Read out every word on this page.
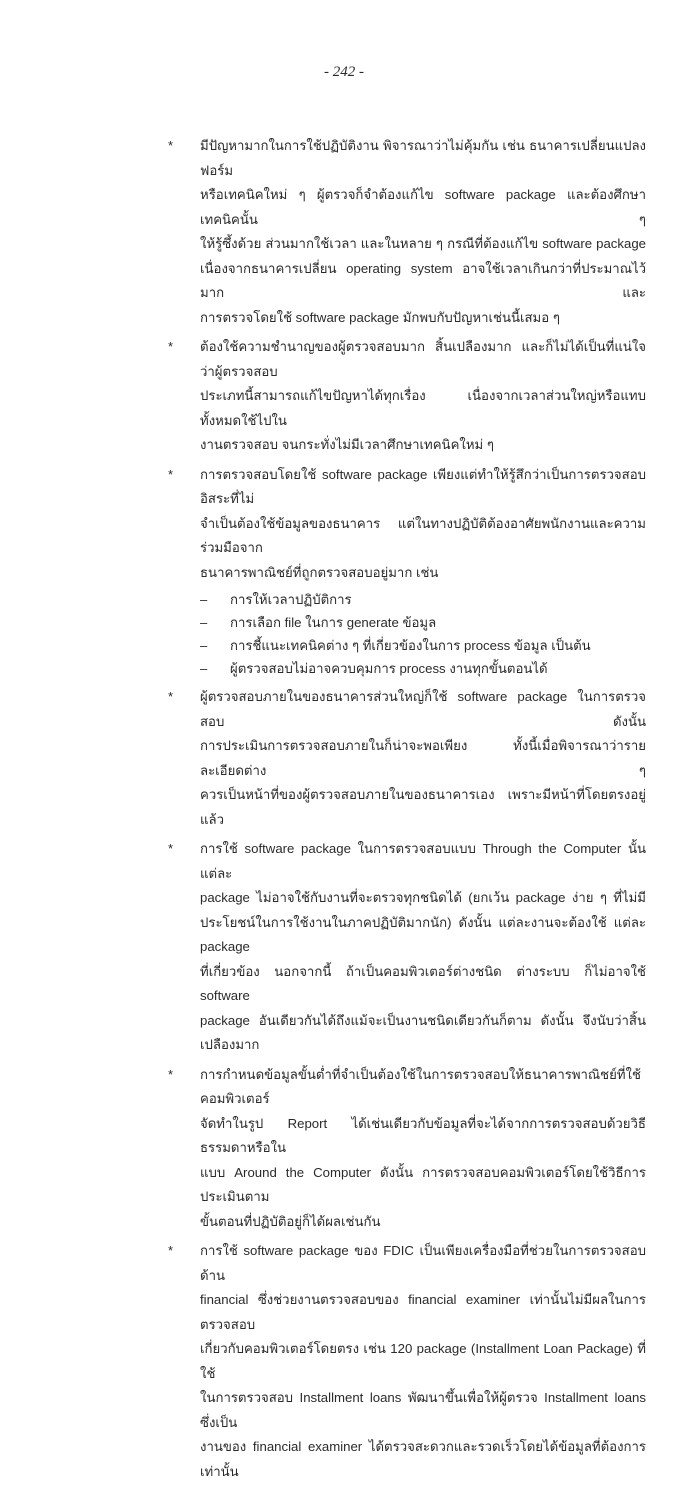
- 242 -
* มีปัญหามากในการใช้ปฏิบัติงาน พิจารณาว่าไม่คุ้มกัน เช่น ธนาคารเปลี่ยนแปลงฟอร์ม
หรือเทคนิคใหม่ ๆ ผู้ตรวจก็จำต้องแก้ไข software package และต้องศึกษาเทคนิคนั้น ๆ
ให้รู้ซึ้งด้วย ส่วนมากใช้เวลา และในหลาย ๆ กรณีที่ต้องแก้ไข software package
เนื่องจากธนาคารเปลี่ยน operating system อาจใช้เวลาเกินกว่าที่ประมาณไว้มาก และ
การตรวจโดยใช้ software package มักพบกับปัญหาเช่นนี้เสมอ ๆ
* ต้องใช้ความชำนาญของผู้ตรวจสอบมาก สิ้นเปลืองมาก และก็ไม่ได้เป็นที่แน่ใจว่าผู้ตรวจสอบ
ประเภทนี้สามารถแก้ไขปัญหาได้ทุกเรื่อง เนื่องจากเวลาส่วนใหญ่หรือแทบทั้งหมดใช้ไปใน
งานตรวจสอบ จนกระทั่งไม่มีเวลาศึกษาเทคนิคใหม่ ๆ
* การตรวจสอบโดยใช้ software package เพียงแต่ทำให้รู้สึกว่าเป็นการตรวจสอบอิสระที่ไม่
จำเป็นต้องใช้ข้อมูลของธนาคาร แต่ในทางปฏิบัติต้องอาศัยพนักงานและความร่วมมือจาก
ธนาคารพาณิชย์ที่ถูกตรวจสอบอยู่มาก เช่น
– การให้เวลาปฏิบัติการ
– การเลือก file ในการ generate ข้อมูล
– การชี้แนะเทคนิคต่าง ๆ ที่เกี่ยวข้องในการ process ข้อมูล เป็นต้น
– ผู้ตรวจสอบไม่อาจควบคุมการ process งานทุกขั้นตอนได้
* ผู้ตรวจสอบภายในของธนาคารส่วนใหญ่ก็ใช้ software package ในการตรวจสอบ ดังนั้น
การประเมินการตรวจสอบภายในก็น่าจะพอเพียง ทั้งนี้เมื่อพิจารณาว่ารายละเอียดต่าง ๆ
ควรเป็นหน้าที่ของผู้ตรวจสอบภายในของธนาคารเอง เพราะมีหน้าที่โดยตรงอยู่แล้ว
* การใช้ software package ในการตรวจสอบแบบ Through the Computer นั้น แต่ละ
package ไม่อาจใช้กับงานที่จะตรวจทุกชนิดได้ (ยกเว้น package ง่าย ๆ ที่ไม่มี
ประโยชน์ในการใช้งานในภาคปฏิบัติมากนัก) ดังนั้น แต่ละงานจะต้องใช้ แต่ละ package
ที่เกี่ยวข้อง นอกจากนี้ ถ้าเป็นคอมพิวเตอร์ต่างชนิด ต่างระบบ ก็ไม่อาจใช้ software
package อันเดียวกันได้ถึงแม้จะเป็นงานชนิดเดียวกันก็ตาม ดังนั้น จึงนับว่าสิ้นเปลืองมาก
* การกำหนดข้อมูลขั้นต่ำที่จำเป็นต้องใช้ในการตรวจสอบให้ธนาคารพาณิชย์ที่ใช้คอมพิวเตอร์
จัดทำในรูป Report ได้เช่นเดียวกับข้อมูลที่จะได้จากการตรวจสอบด้วยวิธีธรรมดาหรือใน
แบบ Around the Computer ดังนั้น การตรวจสอบคอมพิวเตอร์โดยใช้วิธีการประเมินตาม
ขั้นตอนที่ปฏิบัติอยู่ก็ได้ผลเช่นกัน
* การใช้ software package ของ FDIC เป็นเพียงเครื่องมือที่ช่วยในการตรวจสอบด้าน
financial ซึ่งช่วยงานตรวจสอบของ financial examiner เท่านั้นไม่มีผลในการตรวจสอบ
เกี่ยวกับคอมพิวเตอร์โดยตรง เช่น 120 package (Installment Loan Package) ที่ใช้
ในการตรวจสอบ Installment loans พัฒนาขึ้นเพื่อให้ผู้ตรวจ Installment loans ซึ่งเป็น
งานของ financial examiner ได้ตรวจสะดวกและรวดเร็วโดยได้ข้อมูลที่ต้องการเท่านั้น
